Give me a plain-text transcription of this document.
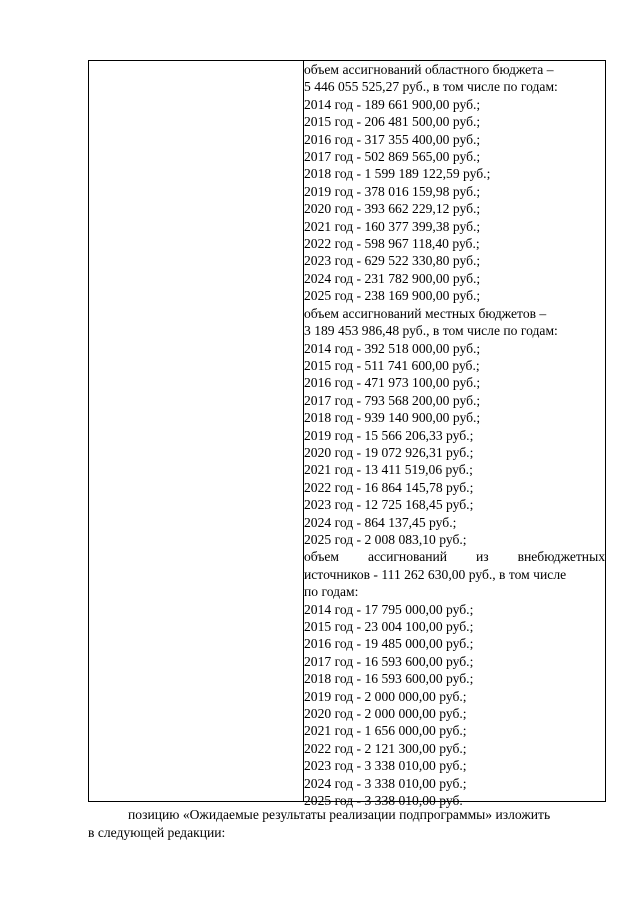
объем ассигнований областного бюджета –
5 446 055 525,27 руб., в том числе по годам:
2014 год - 189 661 900,00 руб.;
2015 год - 206 481 500,00 руб.;
2016 год - 317 355 400,00 руб.;
2017 год - 502 869 565,00 руб.;
2018 год - 1 599 189 122,59 руб.;
2019 год - 378 016 159,98 руб.;
2020 год - 393 662 229,12 руб.;
2021 год - 160 377 399,38 руб.;
2022 год - 598 967 118,40 руб.;
2023 год - 629 522 330,80 руб.;
2024 год - 231 782 900,00 руб.;
2025 год - 238 169 900,00 руб.;
объем ассигнований местных бюджетов –
3 189 453 986,48 руб., в том числе по годам:
2014 год - 392 518 000,00 руб.;
2015 год - 511 741 600,00 руб.;
2016 год - 471 973 100,00 руб.;
2017 год - 793 568 200,00 руб.;
2018 год - 939 140 900,00 руб.;
2019 год - 15 566 206,33 руб.;
2020 год - 19 072 926,31 руб.;
2021 год - 13 411 519,06 руб.;
2022 год - 16 864 145,78 руб.;
2023 год - 12 725 168,45 руб.;
2024 год - 864 137,45 руб.;
2025 год - 2 008 083,10 руб.;
объем ассигнований из внебюджетных
источников - 111 262 630,00 руб., в том числе
по годам:
2014 год - 17 795 000,00 руб.;
2015 год - 23 004 100,00 руб.;
2016 год - 19 485 000,00 руб.;
2017 год - 16 593 600,00 руб.;
2018 год - 16 593 600,00 руб.;
2019 год - 2 000 000,00 руб.;
2020 год - 2 000 000,00 руб.;
2021 год - 1 656 000,00 руб.;
2022 год - 2 121 300,00 руб.;
2023 год - 3 338 010,00 руб.;
2024 год - 3 338 010,00 руб.;
2025 год - 3 338 010,00 руб.
позицию «Ожидаемые результаты реализации подпрограммы» изложить
в следующей редакции:
